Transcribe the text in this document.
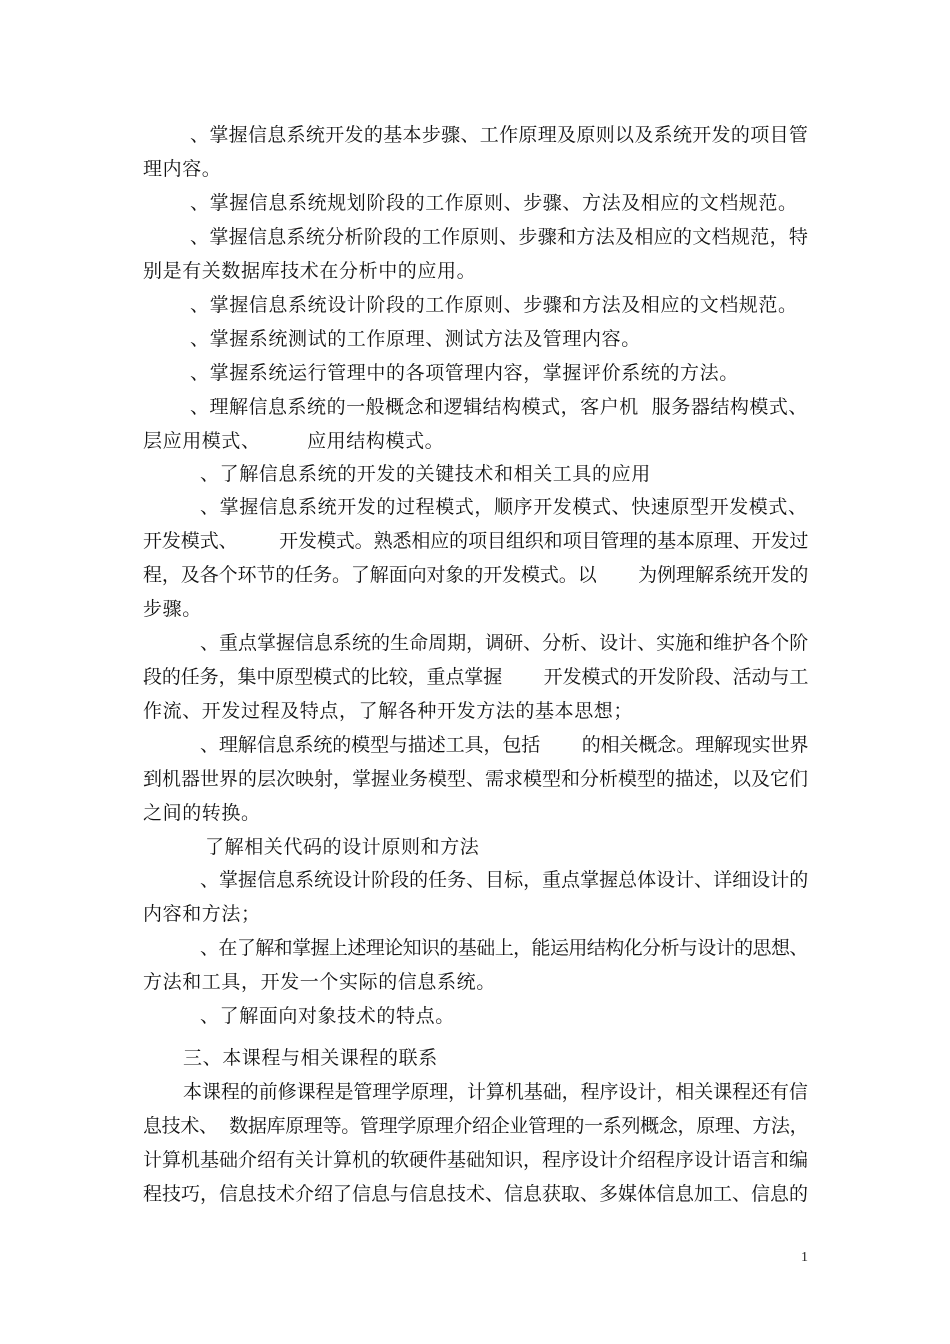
、掌握信息系统开发的基本步骤、工作原理及原则以及系统开发的项目管
理内容。
、掌握信息系统规划阶段的工作原则、步骤、方法及相应的文档规范。
、掌握信息系统分析阶段的工作原则、步骤和方法及相应的文档规范，特
别是有关数据库技术在分析中的应用。
、掌握信息系统设计阶段的工作原则、步骤和方法及相应的文档规范。
、掌握系统测试的工作原理、测试方法及管理内容。
、掌握系统运行管理中的各项管理内容，掌握评价系统的方法。
、理解信息系统的一般概念和逻辑结构模式，客户机  服务器结构模式、
层应用模式、       应用结构模式。
、了解信息系统的开发的关键技术和相关工具的应用
、掌握信息系统开发的过程模式，顺序开发模式、快速原型开发模式、
开发模式、       开发模式。熟悉相应的项目组织和项目管理的基本原理、开发过
程，及各个环节的任务。了解面向对象的开发模式。以       为例理解系统开发的
步骤。
、重点掌握信息系统的生命周期，调研、分析、设计、实施和维护各个阶
段的任务，集中原型模式的比较，重点掌握       开发模式的开发阶段、活动与工
作流、开发过程及特点，了解各种开发方法的基本思想；
、理解信息系统的模型与描述工具，包括       的相关概念。理解现实世界
到机器世界的层次映射，掌握业务模型、需求模型和分析模型的描述，以及它们
之间的转换。
了解相关代码的设计原则和方法
、掌握信息系统设计阶段的任务、目标，重点掌握总体设计、详细设计的
内容和方法；
、在了解和掌握上述理论知识的基础上，能运用结构化分析与设计的思想、
方法和工具，开发一个实际的信息系统。
、了解面向对象技术的特点。
三、本课程与相关课程的联系
本课程的前修课程是管理学原理，计算机基础，程序设计，相关课程还有信
息技术、  数据库原理等。管理学原理介绍企业管理的一系列概念，原理、方法，
计算机基础介绍有关计算机的软硬件基础知识，程序设计介绍程序设计语言和编
程技巧，信息技术介绍了信息与信息技术、信息获取、多媒体信息加工、信息的
1
